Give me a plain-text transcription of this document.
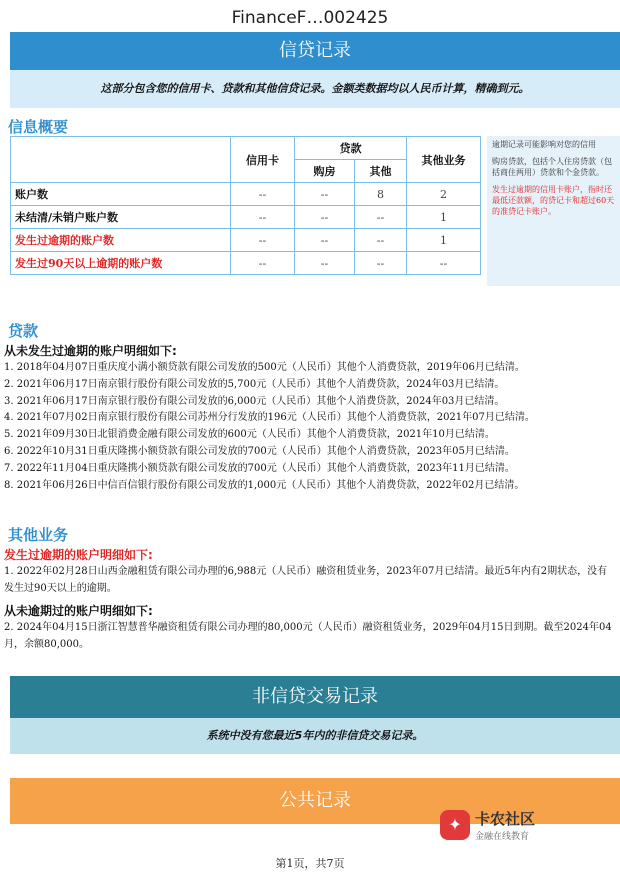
FinanceF…002425
信贷记录
这部分包含您的信用卡、贷款和其他信贷记录。金额类数据均以人民币计算，精确到元。
信息概要
	信用卡	贷款		其他业务
		购房	其他	
账户数	--	--	8	2
未结清/未销户账户数	--	--	--	1
发生过逾期的账户数	--	--	--	1
发生过90天以上逾期的账户数	--	--	--	--
逾期记录可能影响对您的信用
购房贷款，包括个人住房贷款（包括商住两用）贷款和个金贷款。
发生过逾期的信用卡账户，指时还最低还款额，的贷记卡和超过60天的准贷记卡账户。
贷款
从未发生过逾期的账户明细如下:
1. 2018年04月07日重庆度小满小额贷款有限公司发放的500元（人民币）其他个人消费贷款，2019年06月已结清。
2. 2021年06月17日南京银行股份有限公司发放的5,700元（人民币）其他个人消费贷款，2024年03月已结清。
3. 2021年06月17日南京银行股份有限公司发放的6,000元（人民币）其他个人消费贷款，2024年03月已结清。
4. 2021年07月02日南京银行股份有限公司苏州分行发放的196元（人民币）其他个人消费贷款，2021年07月已结清。
5. 2021年09月30日北银消费金融有限公司发放的600元（人民币）其他个人消费贷款，2021年10月已结清。
6. 2022年10月31日重庆隆携小额贷款有限公司发放的700元（人民币）其他个人消费贷款，2023年05月已结清。
7. 2022年11月04日重庆隆携小额贷款有限公司发放的700元（人民币）其他个人消费贷款，2023年11月已结清。
8. 2021年06月26日中信百信银行股份有限公司发放的1,000元（人民币）其他个人消费贷款，2022年02月已结清。
其他业务
发生过逾期的账户明细如下:
1. 2022年02月28日山西金融租赁有限公司办理的6,988元（人民币）融资租赁业务，2023年07月已结清。最近5年内有2期状态，没有发生过90天以上的逾期。
从未逾期过的账户明细如下:
2. 2024年04月15日浙江智慧普华融资租赁有限公司办理的80,000元（人民币）融资租赁业务，2029年04月15日到期。截至2024年04月，余额80,000。
非信贷交易记录
系统中没有您最近5年内的非信贷交易记录。
公共记录
✦ 卡农社区
金融在线教育
第1页，共7页
